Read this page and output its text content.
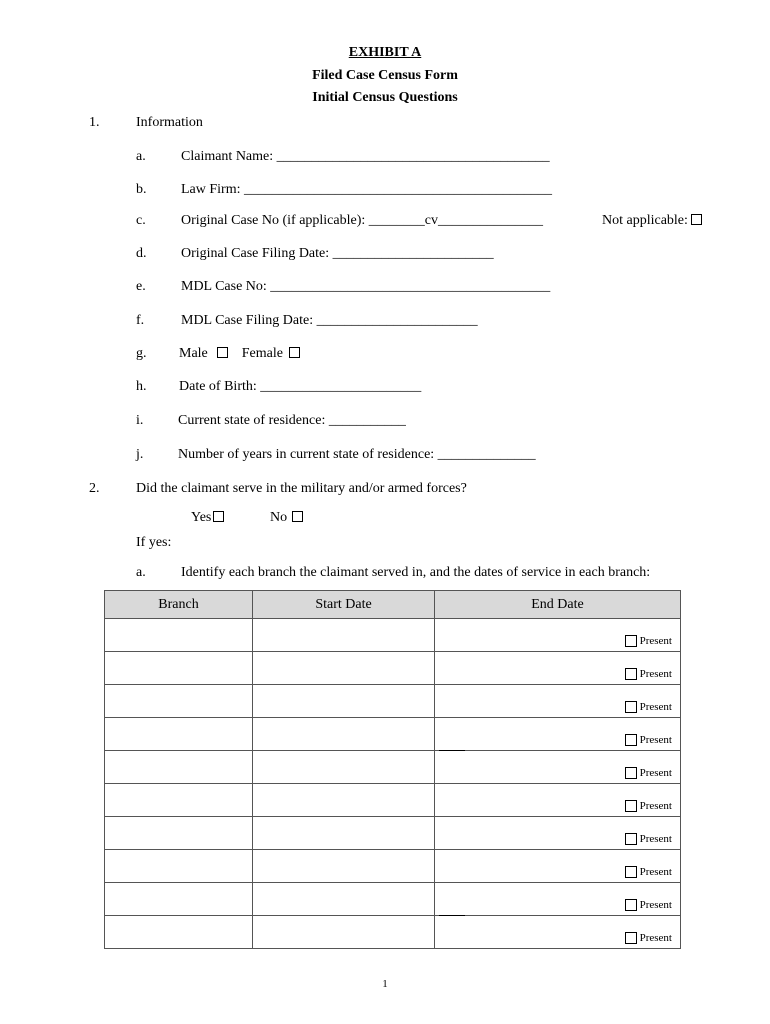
EXHIBIT A
Filed Case Census Form
Initial Census Questions
1.	Information
a.	Claimant Name: _______________________________________
b. Law Firm: ____________________________________________
c.	Original Case No (if applicable): ________cv_______________	Not applicable:
d. Original Case Filing Date: _______________________
e.	MDL Case No: ________________________________________
f.	MDL Case Filing Date: _______________________
g. Male Female
h. Date of Birth: _______________________
i. Current state of residence: ___________
j. Number of years in current state of residence: ______________
2.	Did the claimant serve in the military and/or armed forces?
Yes	No
If yes:
a.	Identify each branch the claimant served in, and the dates of service in each branch:
Branch	Start Date	End Date

		Present

		Present

		Present

		Present

		Present

		Present

		Present

		Present

		Present

		Present
1
